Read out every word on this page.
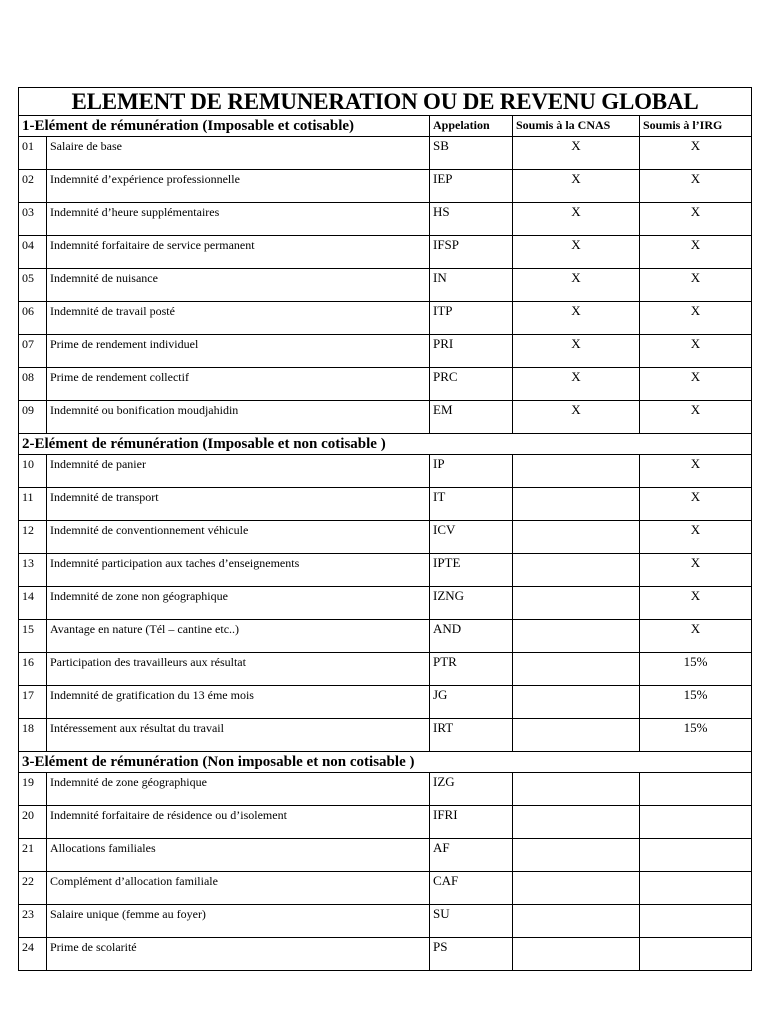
ELEMENT DE REMUNERATION OU DE REVENU GLOBAL				
1-Elément de rémunération (Imposable et cotisable)		Appelation	Soumis à la CNAS	Soumis à l’IRG
01	Salaire de base	SB	X	X
02	Indemnité d’expérience professionnelle	IEP	X	X
03	Indemnité d’heure supplémentaires	HS	X	X
04	Indemnité forfaitaire de service permanent	IFSP	X	X
05	Indemnité de nuisance	IN	X	X
06	Indemnité de travail posté	ITP	X	X
07	Prime de rendement individuel	PRI	X	X
08	Prime de rendement collectif	PRC	X	X
09	Indemnité ou bonification moudjahidin	EM	X	X
2-Elément de rémunération (Imposable et non cotisable )				
10	Indemnité de panier	IP		X
11	Indemnité de transport	IT		X
12	Indemnité de conventionnement véhicule	ICV		X
13	Indemnité participation aux taches d’enseignements	IPTE		X
14	Indemnité de zone non géographique	IZNG		X
15	Avantage en nature (Tél – cantine etc..)	AND		X
16	Participation des travailleurs aux résultat	PTR		15%
17	Indemnité de gratification du 13 éme mois	JG		15%
18	Intéressement aux résultat du travail	IRT		15%
3-Elément de rémunération (Non imposable et non cotisable )				
19	Indemnité de zone géographique	IZG		
20	Indemnité forfaitaire de résidence ou d’isolement	IFRI		
21	Allocations familiales	AF		
22	Complément d’allocation familiale	CAF		
23	Salaire unique (femme au foyer)	SU		
24	Prime de scolarité	PS		
